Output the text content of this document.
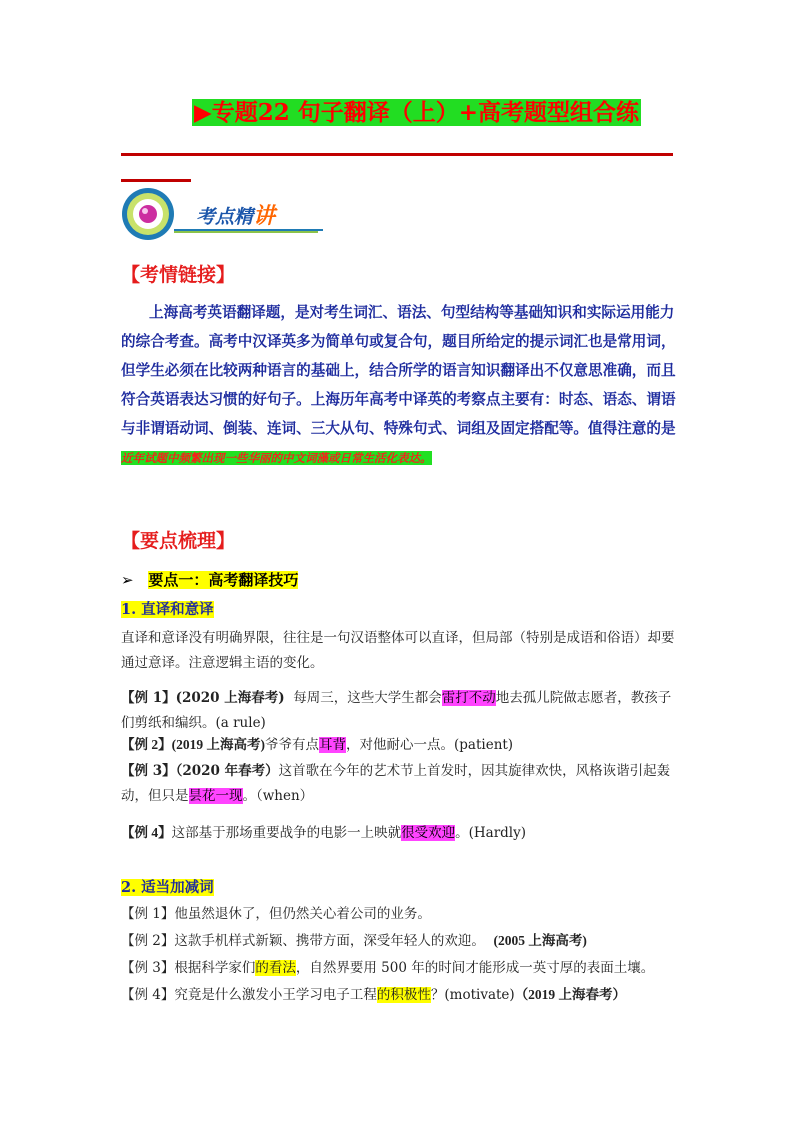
▶专题22 句子翻译（上）+高考题型组合练
考点精讲
【考情链接】
上海高考英语翻译题，是对考生词汇、语法、句型结构等基础知识和实际运用能力的综合考查。高考中汉译英多为简单句或复合句，题目所给定的提示词汇也是常用词，但学生必须在比较两种语言的基础上，结合所学的语言知识翻译出不仅意思准确，而且符合英语表达习惯的好句子。上海历年高考中译英的考察点主要有：时态、语态、谓语与非谓语动词、倒装、连词、三大从句、特殊句式、词组及固定搭配等。值得注意的是近年试题中频繁出现一些华丽的中文词藻或日常生活化表达。
【要点梳理】
➢ 要点一：高考翻译技巧
1. 直译和意译
直译和意译没有明确界限，往往是一句汉语整体可以直译，但局部（特别是成语和俗语）却要通过意译。注意逻辑主语的变化。
【例 1】(2020 上海春考) 每周三，这些大学生都会雷打不动地去孤儿院做志愿者，教孩子们剪纸和编织。(a rule)
【例 2】(2019 上海高考)爷爷有点耳背，对他耐心一点。(patient)
【例 3】（2020 年春考）这首歌在今年的艺术节上首发时，因其旋律欢快，风格诙谐引起轰动，但只是昙花一现。（when）
【例 4】这部基于那场重要战争的电影一上映就很受欢迎。(Hardly)
2. 适当加减词
【例 1】他虽然退休了，但仍然关心着公司的业务。
【例 2】这款手机样式新颖、携带方面，深受年轻人的欢迎。 (2005 上海高考)
【例 3】根据科学家们的看法，自然界要用 500 年的时间才能形成一英寸厚的表面土壤。
【例 4】究竟是什么激发小王学习电子工程的积极性？(motivate)（2019 上海春考）
